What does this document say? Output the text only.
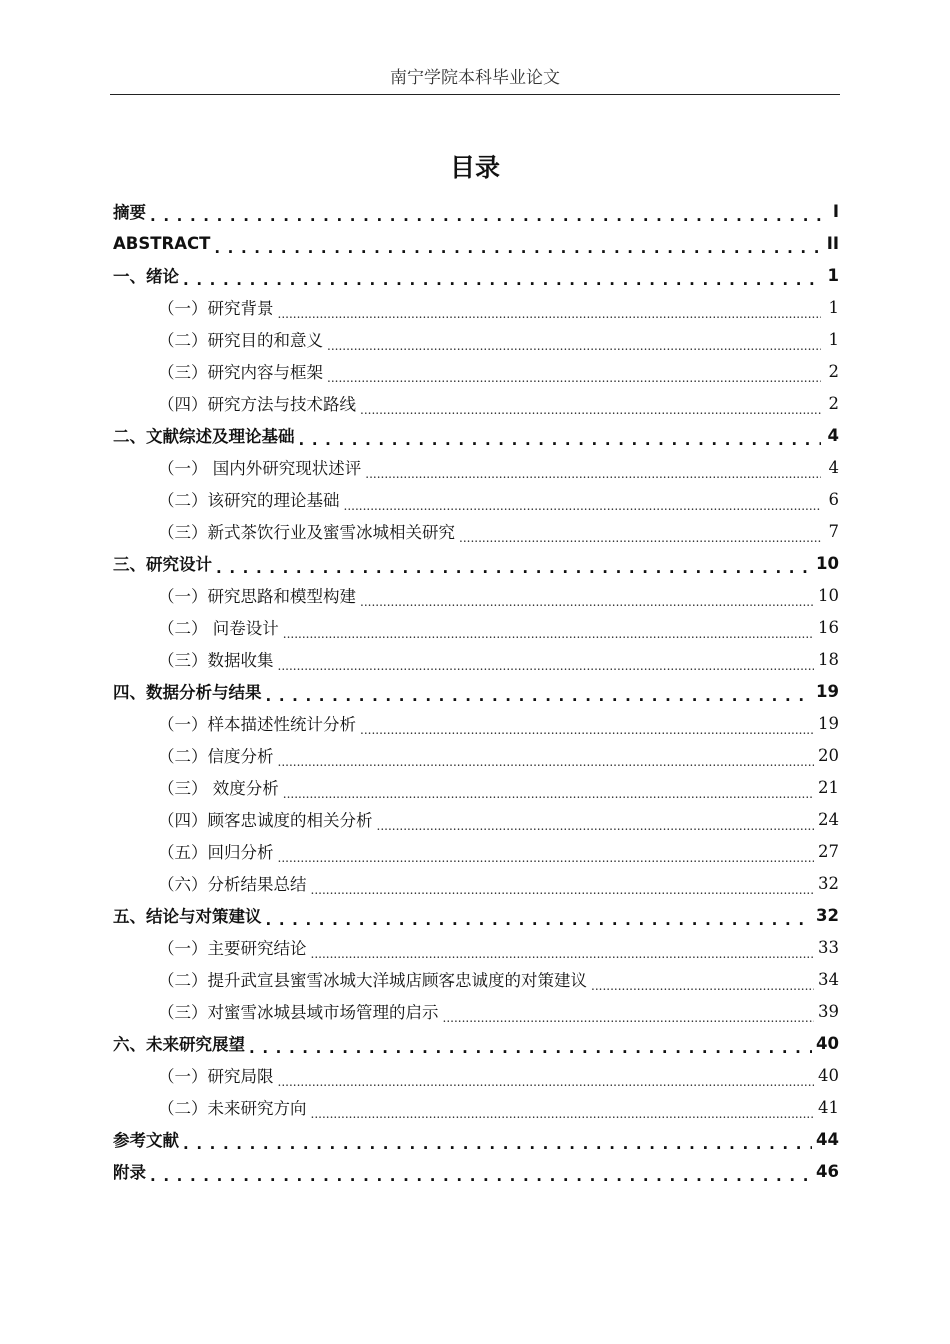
南宁学院本科毕业论文
目录
摘要 . . .	I
ABSTRACT . . .	II
一、绪论 . . .	1
（一）研究背景 .....	1
（二）研究目的和意义 .....	1
（三）研究内容与框架 .....	2
（四）研究方法与技术路线 .....	2
二、文献综述及理论基础 . . .	4
（一） 国内外研究现状述评 .....	4
（二）该研究的理论基础 .....	6
（三）新式茶饮行业及蜜雪冰城相关研究 .....	7
三、研究设计 . . .	10
（一）研究思路和模型构建 .....	10
（二） 问卷设计 .....	16
（三）数据收集 .....	18
四、数据分析与结果 . . .	19
（一）样本描述性统计分析 .....	19
（二）信度分析 .....	20
（三） 效度分析 .....	21
（四）顾客忠诚度的相关分析 .....	24
（五）回归分析 .....	27
（六）分析结果总结 .....	32
五、结论与对策建议 . . .	32
（一）主要研究结论 .....	33
（二）提升武宣县蜜雪冰城大洋城店顾客忠诚度的对策建议 .....	34
（三）对蜜雪冰城县域市场管理的启示 .....	39
六、未来研究展望 . . .	40
（一）研究局限 .....	40
（二）未来研究方向 .....	41
参考文献 . . .	44
附录 . . .	46
